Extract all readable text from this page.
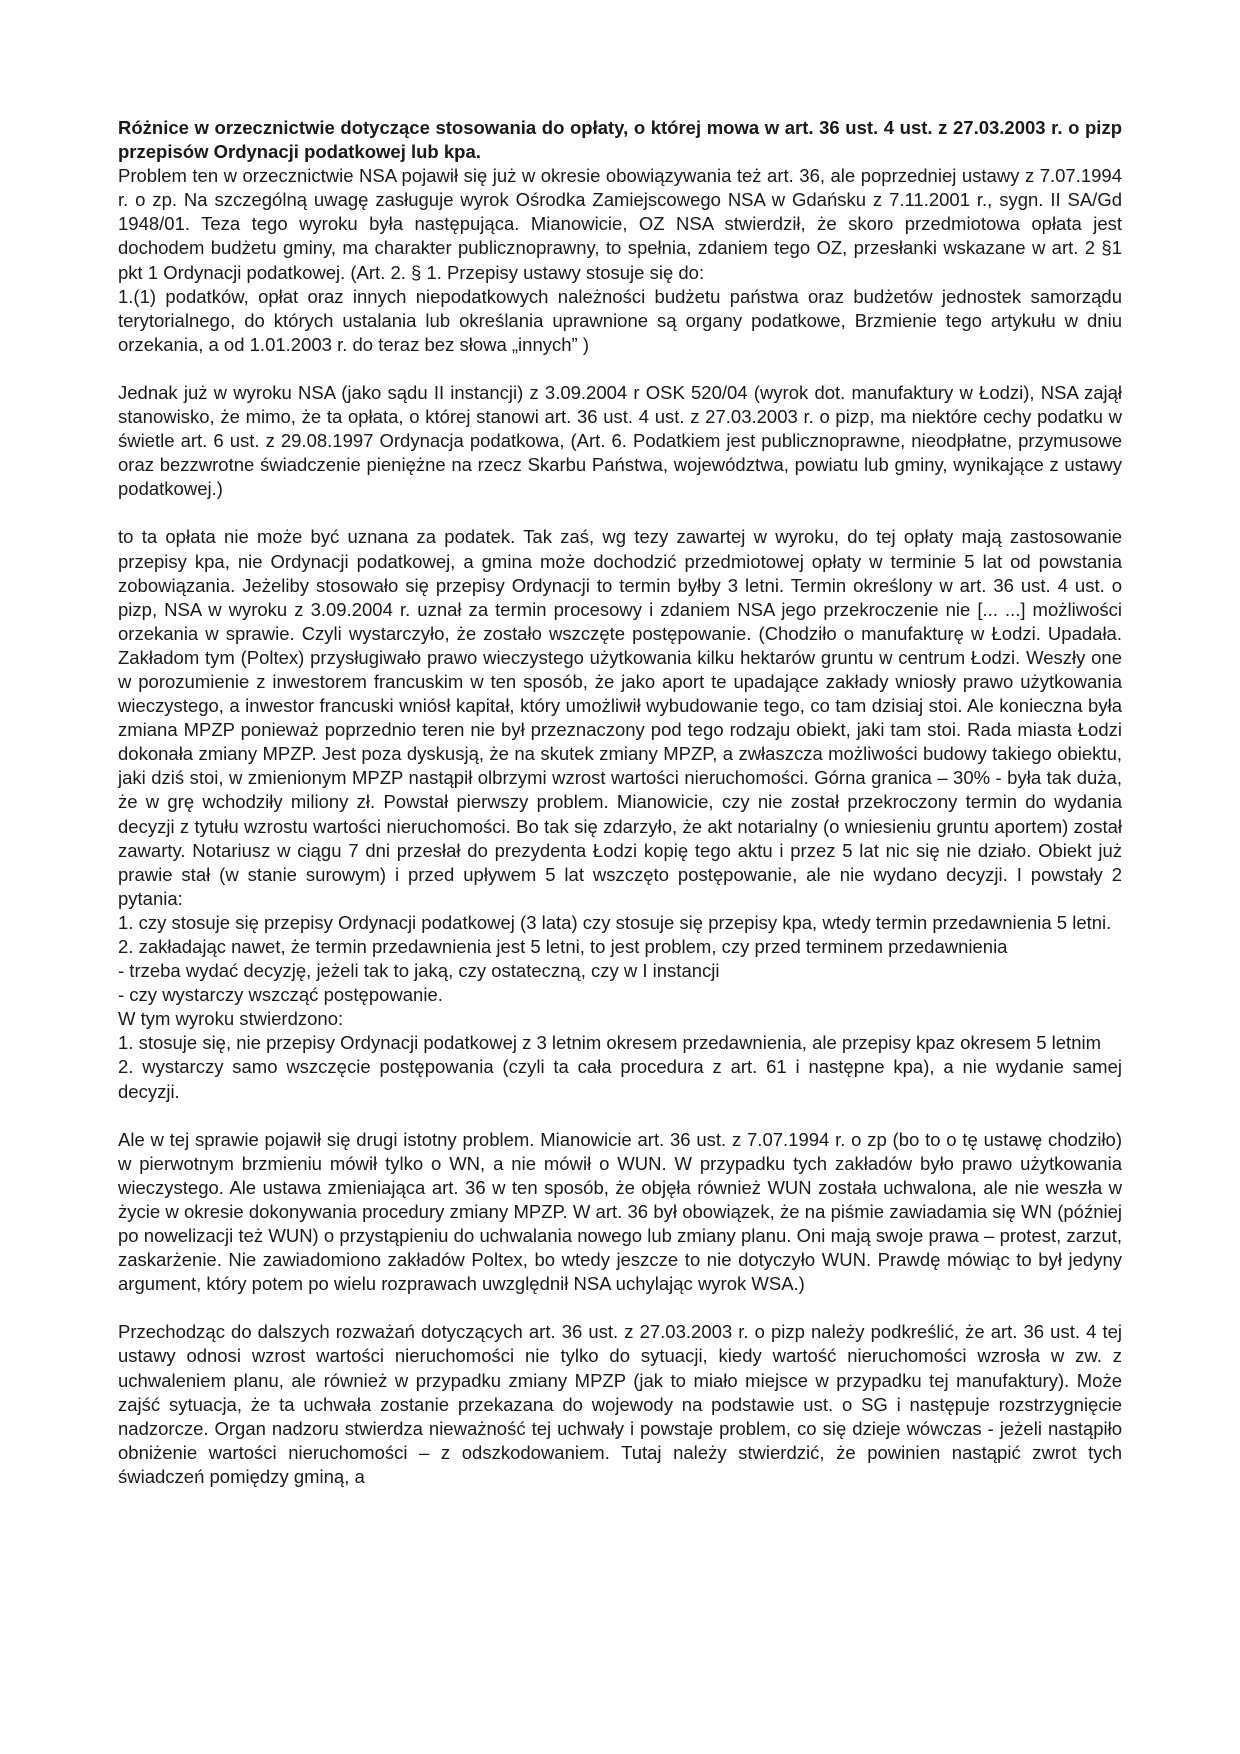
Różnice w orzecznictwie dotyczące stosowania do opłaty, o której mowa w art. 36 ust. 4 ust. z 27.03.2003 r. o pizp przepisów Ordynacji podatkowej lub kpa.

Problem ten w orzecznictwie NSA pojawił się już w okresie obowiązywania też art. 36, ale poprzedniej ustawy z 7.07.1994 r. o zp. Na szczególną uwagę zasługuje wyrok Ośrodka Zamiejscowego NSA w Gdańsku z 7.11.2001 r., sygn. II SA/Gd 1948/01. Teza tego wyroku była następująca. Mianowicie, OZ NSA stwierdził, że skoro przedmiotowa opłata jest dochodem budżetu gminy, ma charakter publicznoprawny, to spełnia, zdaniem tego OZ, przesłanki wskazane w art. 2 §1 pkt 1 Ordynacji podatkowej. (Art. 2. § 1. Przepisy ustawy stosuje się do:

1.(1) podatków, opłat oraz innych niepodatkowych należności budżetu państwa oraz budżetów jednostek samorządu terytorialnego, do których ustalania lub określania uprawnione są organy podatkowe, Brzmienie tego artykułu w dniu orzekania, a od 1.01.2003 r. do teraz bez słowa „innych” )

Jednak już w wyroku NSA (jako sądu II instancji) z 3.09.2004 r OSK 520/04 (wyrok dot. manufaktury w Łodzi), NSA zajął stanowisko, że mimo, że ta opłata, o której stanowi art. 36 ust. 4 ust. z 27.03.2003 r. o pizp, ma niektóre cechy podatku w świetle art. 6 ust. z 29.08.1997 Ordynacja podatkowa, (Art. 6. Podatkiem jest publicznoprawne, nieodpłatne, przymusowe oraz bezzwrotne świadczenie pieniężne na rzecz Skarbu Państwa, województwa, powiatu lub gminy, wynikające z ustawy podatkowej.)

to ta opłata nie może być uznana za podatek. Tak zaś, wg tezy zawartej w wyroku, do tej opłaty mają zastosowanie przepisy kpa, nie Ordynacji podatkowej, a gmina może dochodzić przedmiotowej opłaty w terminie 5 lat od powstania zobowiązania. Jeżeliby stosowało się przepisy Ordynacji to termin byłby 3 letni. Termin określony w art. 36 ust. 4 ust. o pizp, NSA w wyroku z 3.09.2004 r. uznał za termin procesowy i zdaniem NSA jego przekroczenie nie [... ...] możliwości orzekania w sprawie. Czyli wystarczyło, że zostało wszczęte postępowanie. (Chodziło o manufakturę w Łodzi. Upadała. Zakładom tym (Poltex) przysługiwało prawo wieczystego użytkowania kilku hektarów gruntu w centrum Łodzi. Weszły one w porozumienie z inwestorem francuskim w ten sposób, że jako aport te upadające zakłady wniosły prawo użytkowania wieczystego, a inwestor francuski wniósł kapitał, który umożliwił wybudowanie tego, co tam dzisiaj stoi. Ale konieczna była zmiana MPZP ponieważ poprzednio teren nie był przeznaczony pod tego rodzaju obiekt, jaki tam stoi. Rada miasta Łodzi dokonała zmiany MPZP. Jest poza dyskusją, że na skutek zmiany MPZP, a zwłaszcza możliwości budowy takiego obiektu, jaki dziś stoi, w zmienionym MPZP nastąpił olbrzymi wzrost wartości nieruchomości. Górna granica – 30% - była tak duża, że w grę wchodziły miliony zł. Powstał pierwszy problem. Mianowicie, czy nie został przekroczony termin do wydania decyzji z tytułu wzrostu wartości nieruchomości. Bo tak się zdarzyło, że akt notarialny (o wniesieniu gruntu aportem) został zawarty. Notariusz w ciągu 7 dni przesłał do prezydenta Łodzi kopię tego aktu i przez 5 lat nic się nie działo. Obiekt już prawie stał (w stanie surowym) i przed upływem 5 lat wszczęto postępowanie, ale nie wydano decyzji. I powstały 2 pytania:

1. czy stosuje się przepisy Ordynacji podatkowej (3 lata) czy stosuje się przepisy kpa, wtedy termin przedawnienia 5 letni.

2. zakładając nawet, że termin przedawnienia jest 5 letni, to jest problem, czy przed terminem przedawnienia

- trzeba wydać decyzję, jeżeli tak to jaką, czy ostateczną, czy w I instancji

- czy wystarczy wszcząć postępowanie.

W tym wyroku stwierdzono:

1. stosuje się, nie przepisy Ordynacji podatkowej z 3 letnim okresem przedawnienia, ale przepisy kpaz okresem 5 letnim

2. wystarczy samo wszczęcie postępowania (czyli ta cała procedura z art. 61 i następne kpa), a nie wydanie samej decyzji.

Ale w tej sprawie pojawił się drugi istotny problem. Mianowicie art. 36 ust. z 7.07.1994 r. o zp (bo to o tę ustawę chodziło) w pierwotnym brzmieniu mówił tylko o WN, a nie mówił o WUN. W przypadku tych zakładów było prawo użytkowania wieczystego. Ale ustawa zmieniająca art. 36 w ten sposób, że objęła również WUN została uchwalona, ale nie weszła w życie w okresie dokonywania procedury zmiany MPZP. W art. 36 był obowiązek, że na piśmie zawiadamia się WN (później po nowelizacji też WUN) o przystąpieniu do uchwalania nowego lub zmiany planu. Oni mają swoje prawa – protest, zarzut, zaskarżenie. Nie zawiadomiono zakładów Poltex, bo wtedy jeszcze to nie dotyczyło WUN. Prawdę mówiąc to był jedyny argument, który potem po wielu rozprawach uwzględnił NSA uchylając wyrok WSA.)

Przechodząc do dalszych rozważań dotyczących art. 36 ust. z 27.03.2003 r. o pizp należy podkreślić, że art. 36 ust. 4 tej ustawy odnosi wzrost wartości nieruchomości nie tylko do sytuacji, kiedy wartość nieruchomości wzrosła w zw. z uchwaleniem planu, ale również w przypadku zmiany MPZP (jak to miało miejsce w przypadku tej manufaktury). Może zajść sytuacja, że ta uchwała zostanie przekazana do wojewody na podstawie ust. o SG i następuje rozstrzygnięcie nadzorcze. Organ nadzoru stwierdza nieważność tej uchwały i powstaje problem, co się dzieje wówczas - jeżeli nastąpiło obniżenie wartości nieruchomości – z odszkodowaniem. Tutaj należy stwierdzić, że powinien nastąpić zwrot tych świadczeń pomiędzy gminą, a
